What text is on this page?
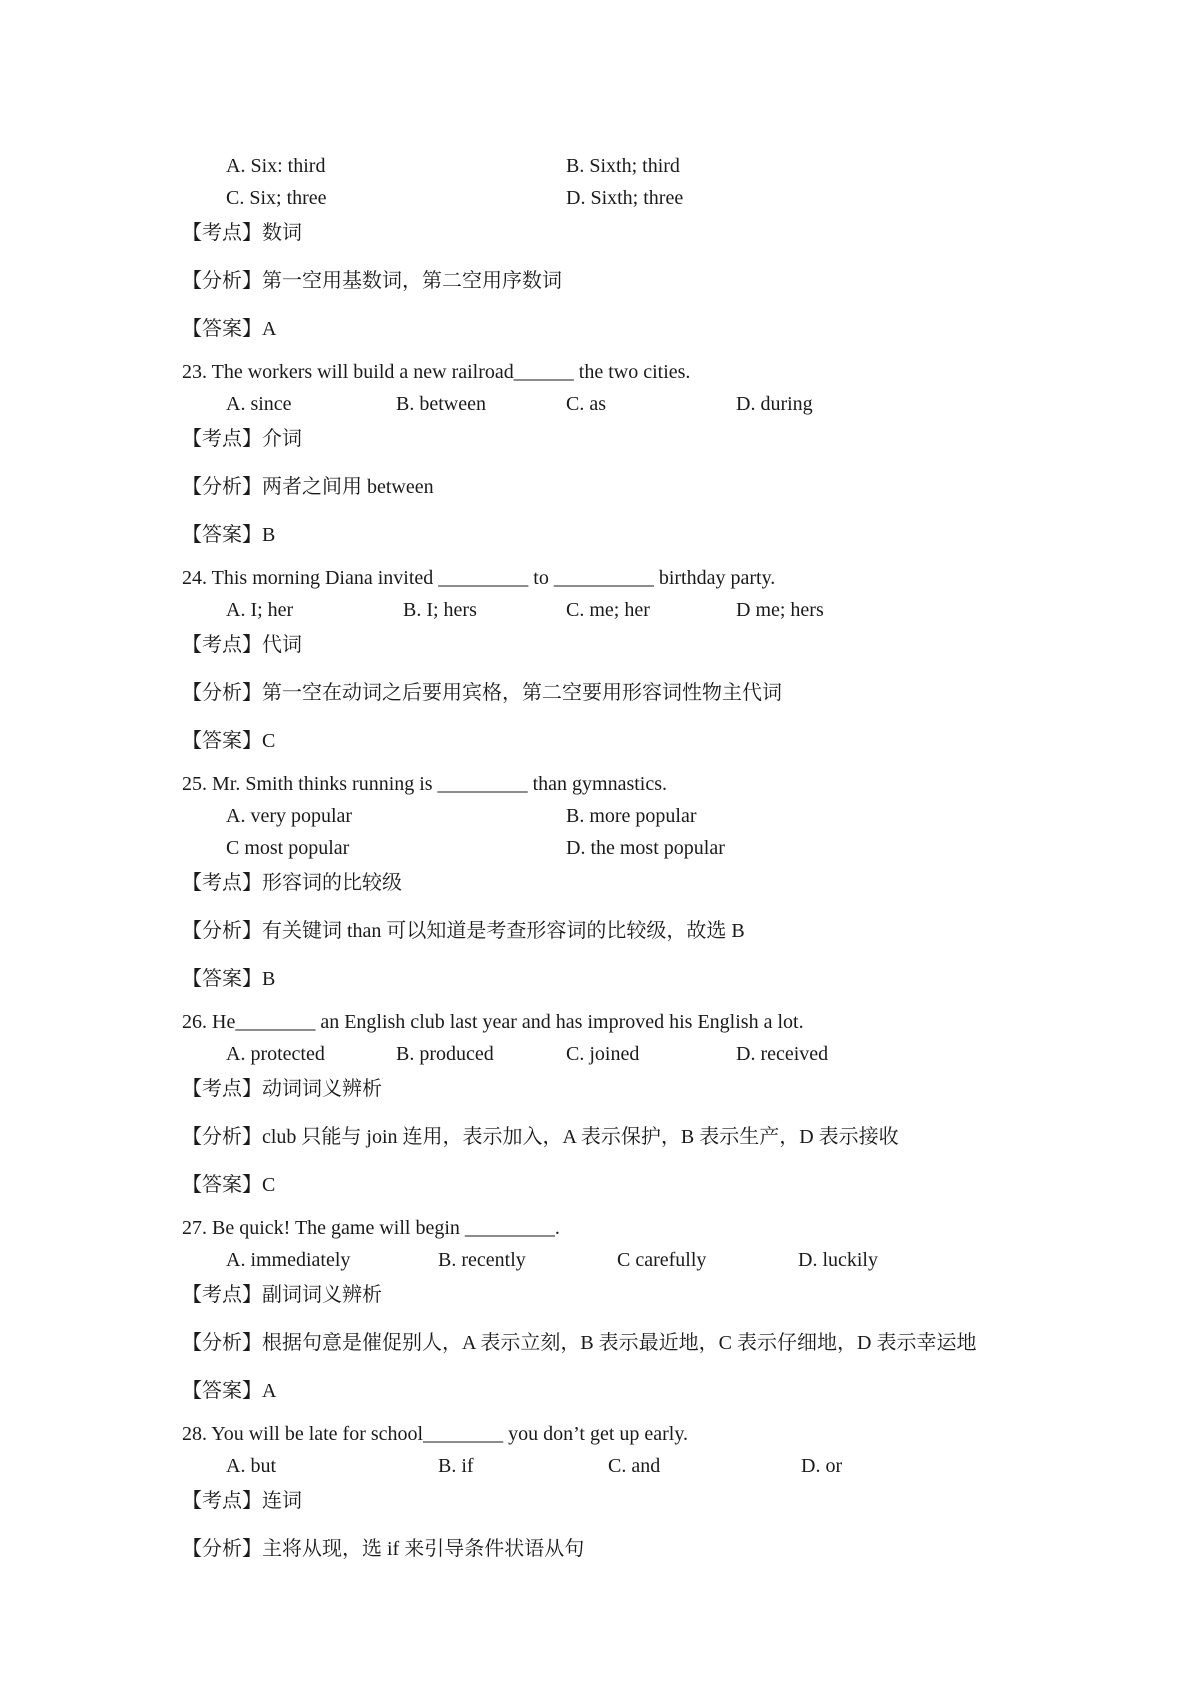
A. Six: third	B. Sixth; third
C. Six; three	D. Sixth; three
【考点】数词
【分析】第一空用基数词，第二空用序数词
【答案】A
23. The workers will build a new railroad______ the two cities.
A. since	B. between	C. as	D. during
【考点】介词
【分析】两者之间用 between
【答案】B
24. This morning Diana invited _________ to __________ birthday party.
A. I; her	B. I; hers	C. me; her	D me; hers
【考点】代词
【分析】第一空在动词之后要用宾格，第二空要用形容词性物主代词
【答案】C
25. Mr. Smith thinks running is _________ than gymnastics.
A. very popular	B. more popular
C most popular	D. the most popular
【考点】形容词的比较级
【分析】有关键词 than 可以知道是考查形容词的比较级，故选 B
【答案】B
26. He________ an English club last year and has improved his English a lot.
A. protected	B. produced	C. joined	D. received
【考点】动词词义辨析
【分析】club 只能与 join 连用，表示加入，A 表示保护，B 表示生产，D 表示接收
【答案】C
27. Be quick! The game will begin _________.
A. immediately	B. recently	C carefully	D. luckily
【考点】副词词义辨析
【分析】根据句意是催促别人，A 表示立刻，B 表示最近地，C 表示仔细地，D 表示幸运地
【答案】A
28. You will be late for school________ you don’t get up early.
A. but	B. if	C. and	D. or
【考点】连词
【分析】主将从现，选 if 来引导条件状语从句
